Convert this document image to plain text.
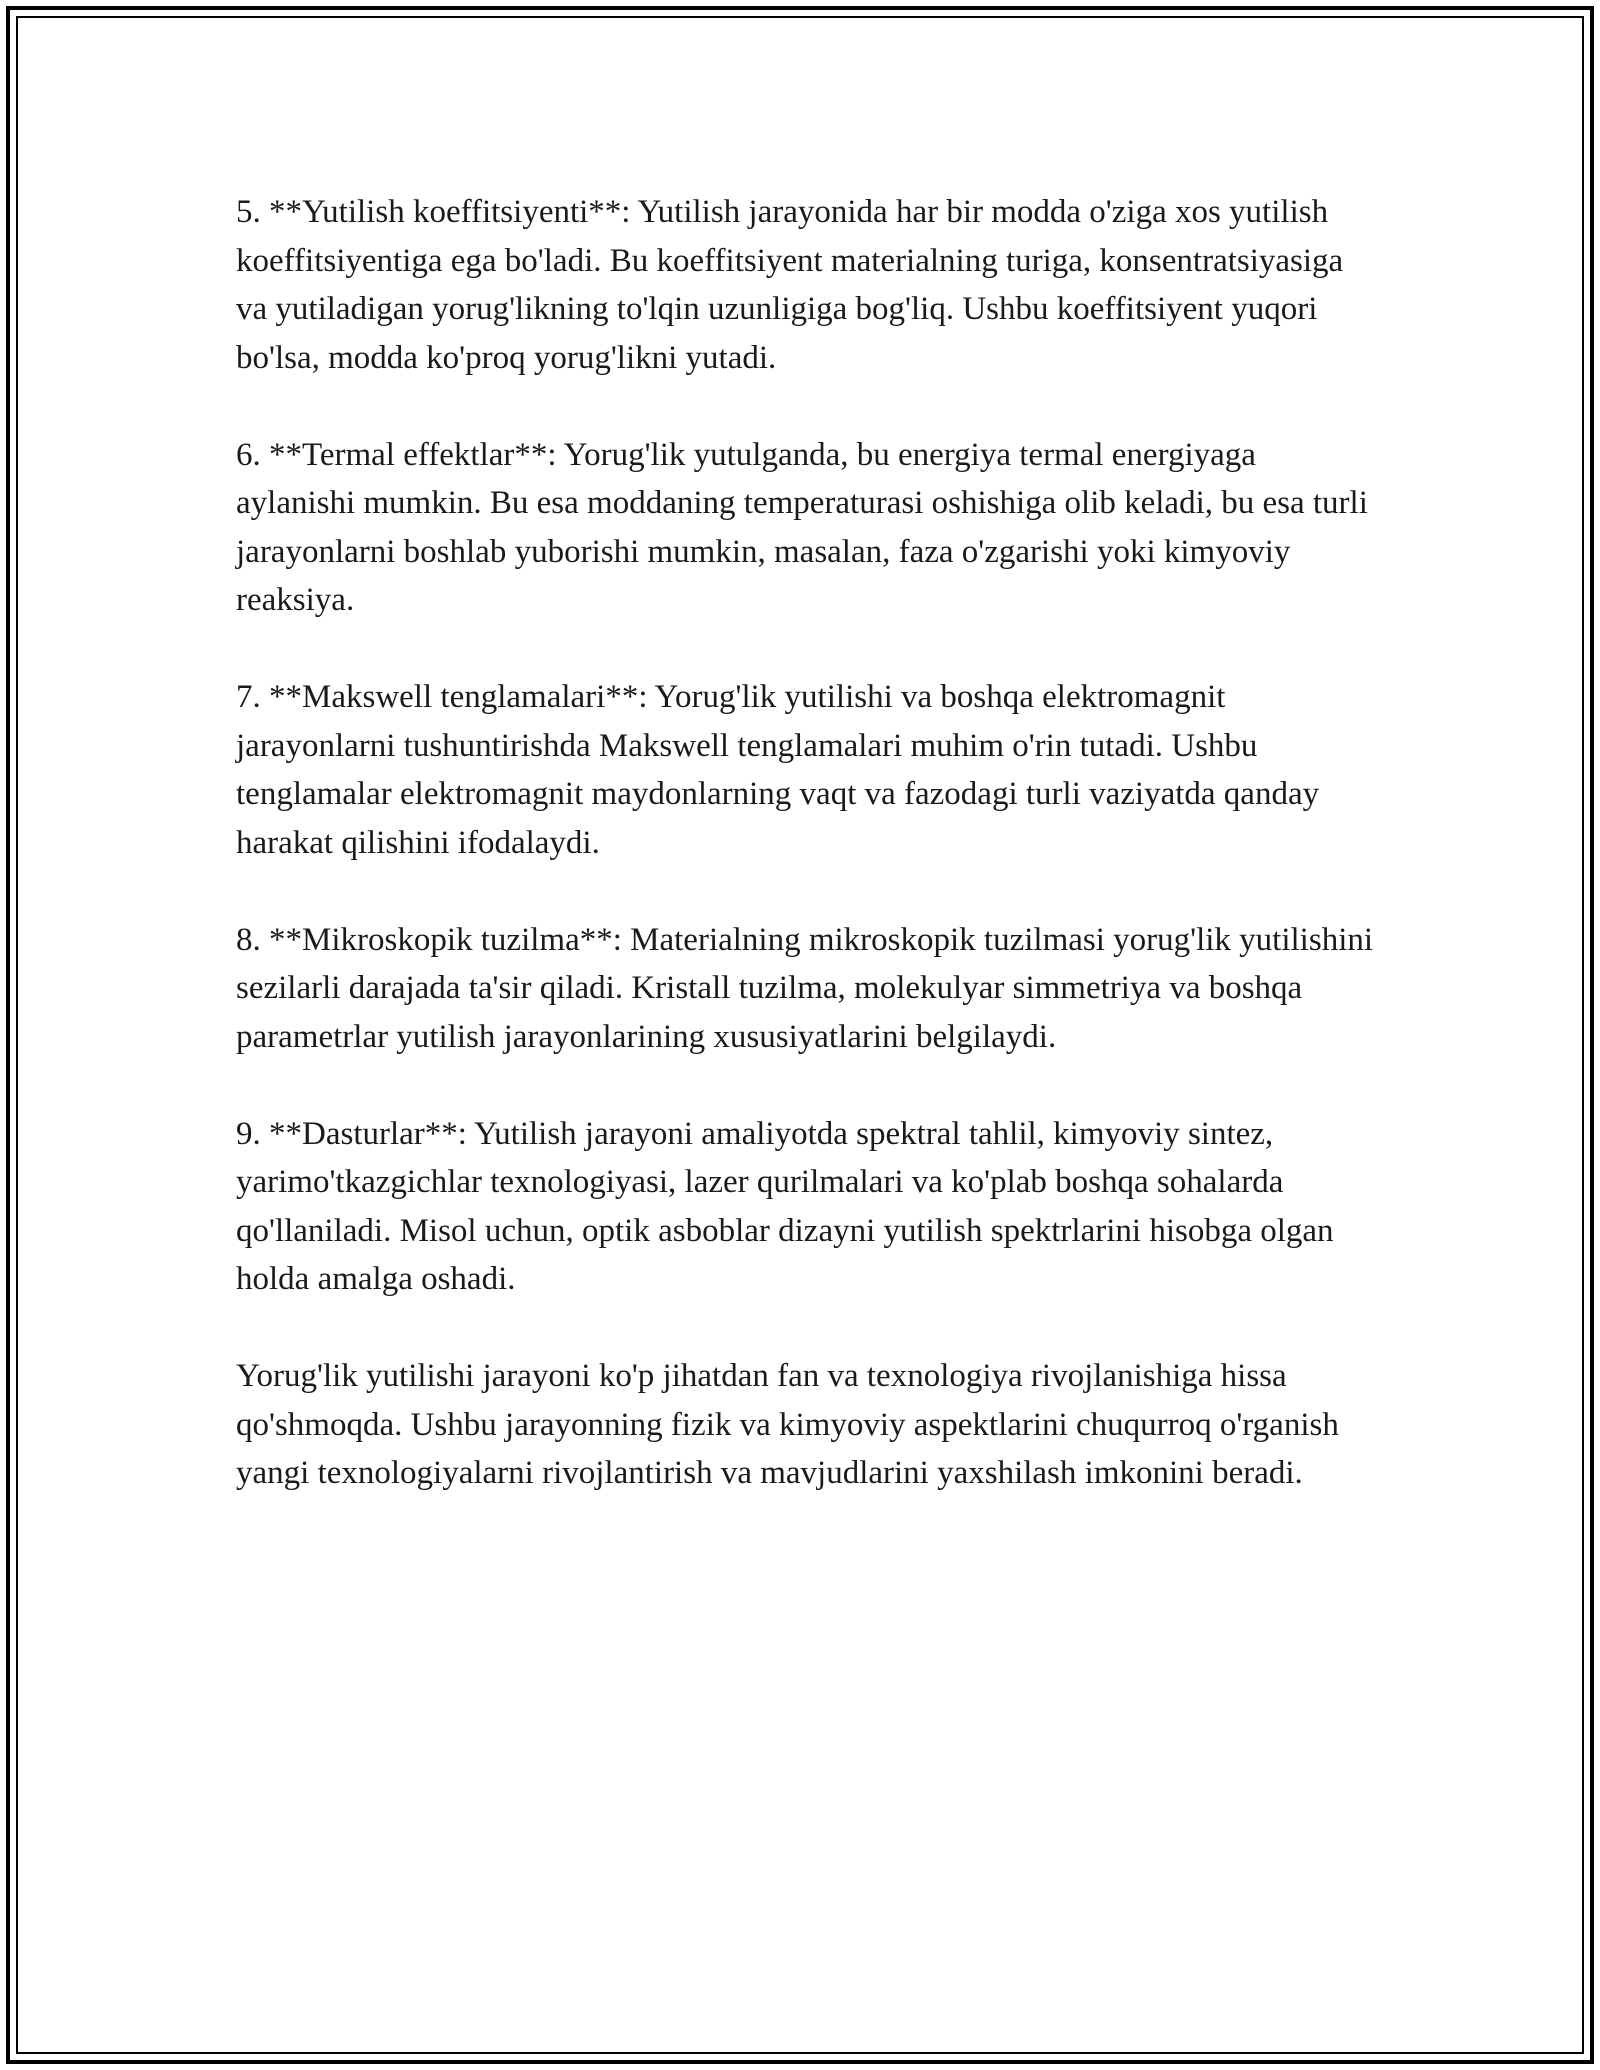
5. **Yutilish koeffitsiyenti**: Yutilish jarayonida har bir modda o'ziga xos yutilish koeffitsiyentiga ega bo'ladi. Bu koeffitsiyent materialning turiga, konsentratsiyasiga va yutiladigan yorug'likning to'lqin uzunligiga bog'liq. Ushbu koeffitsiyent yuqori bo'lsa, modda ko'proq yorug'likni yutadi.

6. **Termal effektlar**: Yorug'lik yutulganda, bu energiya termal energiyaga aylanishi mumkin. Bu esa moddaning temperaturasi oshishiga olib keladi, bu esa turli jarayonlarni boshlab yuborishi mumkin, masalan, faza o'zgarishi yoki kimyoviy reaksiya.

7. **Makswell tenglamalari**: Yorug'lik yutilishi va boshqa elektromagnit jarayonlarni tushuntirishda Makswell tenglamalari muhim o'rin tutadi. Ushbu tenglamalar elektromagnit maydonlarning vaqt va fazodagi turli vaziyatda qanday harakat qilishini ifodalaydi.

8. **Mikroskopik tuzilma**: Materialning mikroskopik tuzilmasi yorug'lik yutilishini sezilarli darajada ta'sir qiladi. Kristall tuzilma, molekulyar simmetriya va boshqa parametrlar yutilish jarayonlarining xususiyatlarini belgilaydi.

9. **Dasturlar**: Yutilish jarayoni amaliyotda spektral tahlil, kimyoviy sintez, yarimo'tkazgichlar texnologiyasi, lazer qurilmalari va ko'plab boshqa sohalarda qo'llaniladi. Misol uchun, optik asboblar dizayni yutilish spektrlarini hisobga olgan holda amalga oshadi.

Yorug'lik yutilishi jarayoni ko'p jihatdan fan va texnologiya rivojlanishiga hissa qo'shmoqda. Ushbu jarayonning fizik va kimyoviy aspektlarini chuqurroq o'rganish yangi texnologiyalarni rivojlantirish va mavjudlarini yaxshilash imkonini beradi.
